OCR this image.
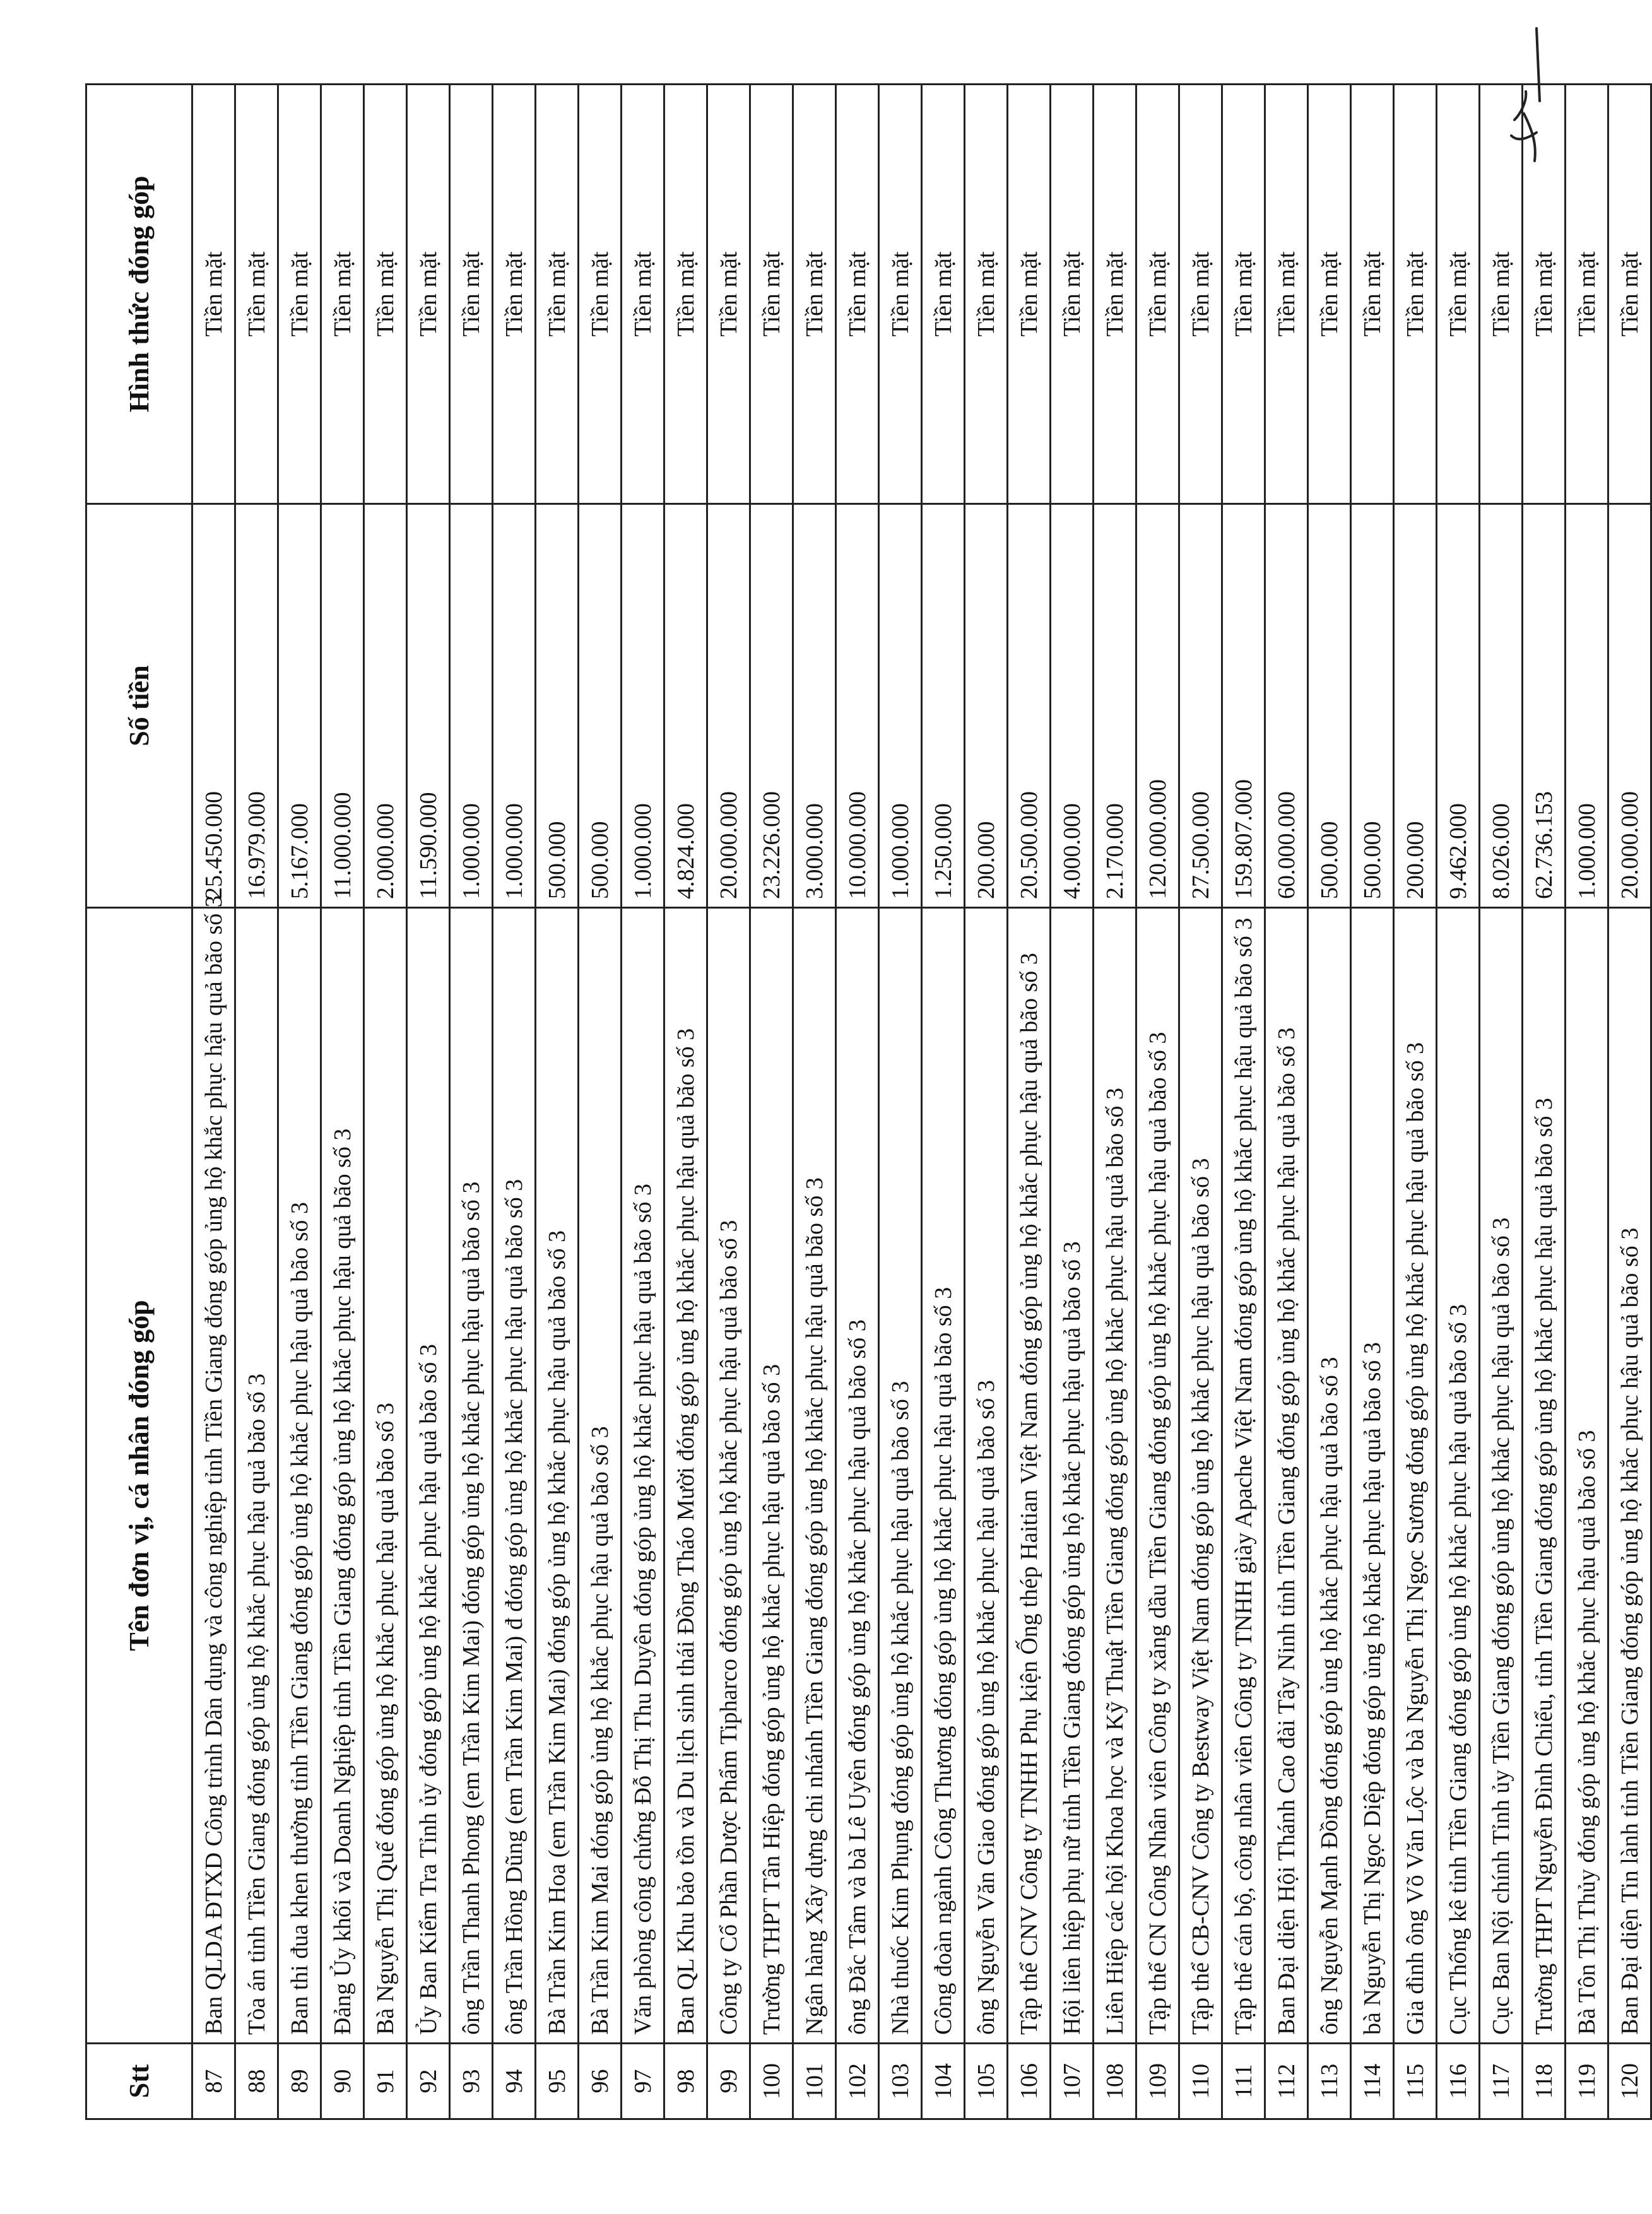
Stt	Tên đơn vị, cá nhân đóng góp	Số tiền	Hình thức đóng góp
87	Ban QLDA ĐTXD Công trình Dân dụng và công nghiệp tỉnh Tiền Giang đóng góp ủng hộ khắc phục hậu quả bão số 3	25.450.000	Tiền mặt
88	Tòa án tỉnh Tiền Giang đóng góp ủng hộ khắc phục hậu quả bão số 3	16.979.000	Tiền mặt
89	Ban thi đua khen thưởng tỉnh Tiền Giang đóng góp ủng hộ khắc phục hậu quả bão số 3	5.167.000	Tiền mặt
90	Đảng Ủy khối và Doanh Nghiệp tỉnh Tiền Giang đóng góp ủng hộ khắc phục hậu quả bão số 3	11.000.000	Tiền mặt
91	Bà Nguyễn Thị Quế đóng góp ủng hộ khắc phục hậu quả bão số 3	2.000.000	Tiền mặt
92	Ủy Ban Kiểm Tra Tỉnh ủy đóng góp ủng hộ khắc phục hậu quả bão số 3	11.590.000	Tiền mặt
93	ông Trần Thanh Phong (em Trần Kim Mai) đóng góp ủng hộ khắc phục hậu quả bão số 3	1.000.000	Tiền mặt
94	ông Trần Hồng Dũng (em Trần Kim Mai) đ đóng góp ủng hộ khắc phục hậu quả bão số 3	1.000.000	Tiền mặt
95	Bà Trần Kim Hoa (em Trần Kim Mai) đóng góp ủng hộ khắc phục hậu quả bão số 3	500.000	Tiền mặt
96	Bà Trần Kim Mai đóng góp ủng hộ khắc phục hậu quả bão số 3	500.000	Tiền mặt
97	Văn phòng công chứng Đỗ Thị Thu Duyên đóng góp ủng hộ khắc phục hậu quả bão số 3	1.000.000	Tiền mặt
98	Ban QL Khu bảo tồn và Du lịch sinh thái Đồng Tháo Mười đóng góp ủng hộ khắc phục hậu quả bão số 3	4.824.000	Tiền mặt
99	Công ty Cổ Phần Dược Phẩm Tipharco đóng góp ủng hộ khắc phục hậu quả bão số 3	20.000.000	Tiền mặt
100	Trường THPT Tân Hiệp đóng góp ủng hộ khắc phục hậu quả bão số 3	23.226.000	Tiền mặt
101	Ngân hàng Xây dựng chi nhánh Tiền Giang đóng góp ủng hộ khắc phục hậu quả bão số 3	3.000.000	Tiền mặt
102	ông Đắc Tâm và bà Lê Uyên đóng góp ủng hộ khắc phục hậu quả bão số 3	10.000.000	Tiền mặt
103	Nhà thuốc Kim Phụng đóng góp ủng hộ khắc phục hậu quả bão số 3	1.000.000	Tiền mặt
104	Công đoàn ngành Công Thương đóng góp ủng hộ khắc phục hậu quả bão số 3	1.250.000	Tiền mặt
105	ông Nguyễn Văn Giao đóng góp ủng hộ khắc phục hậu quả bão số 3	200.000	Tiền mặt
106	Tập thể CNV Công ty TNHH Phụ kiện Ống thép Haitian Việt Nam đóng góp ủng hộ khắc phục hậu quả bão số 3	20.500.000	Tiền mặt
107	Hội liên hiệp phụ nữ tỉnh Tiền Giang đóng góp ủng hộ khắc phục hậu quả bão số 3	4.000.000	Tiền mặt
108	Liên Hiệp các hội Khoa học và Kỹ Thuật Tiền Giang đóng góp ủng hộ khắc phục hậu quả bão số 3	2.170.000	Tiền mặt
109	Tập thể CN Công Nhân viên Công ty xăng dầu Tiền Giang đóng góp ủng hộ khắc phục hậu quả bão số 3	120.000.000	Tiền mặt
110	Tập thể CB-CNV Công ty Bestway Việt Nam đóng góp ủng hộ khắc phục hậu quả bão số 3	27.500.000	Tiền mặt
111	Tập thể cán bộ, công nhân viên Công ty TNHH giày Apache Việt Nam đóng góp ủng hộ khắc phục hậu quả bão số 3	159.807.000	Tiền mặt
112	Ban Đại diện Hội Thánh Cao đài Tây Ninh tỉnh Tiền Giang đóng góp ủng hộ khắc phục hậu quả bão số 3	60.000.000	Tiền mặt
113	ông Nguyễn Mạnh Đồng đóng góp ủng hộ khắc phục hậu quả bão số 3	500.000	Tiền mặt
114	bà Nguyễn Thị Ngọc Diệp đóng góp ủng hộ khắc phục hậu quả bão số 3	500.000	Tiền mặt
115	Gia đình ông Võ Văn Lộc và bà Nguyễn Thị Ngọc Sương đóng góp ủng hộ khắc phục hậu quả bão số 3	200.000	Tiền mặt
116	Cục Thống kê tỉnh Tiền Giang đóng góp ủng hộ khắc phục hậu quả bão số 3	9.462.000	Tiền mặt
117	Cục Ban Nội chính Tỉnh ủy Tiền Giang đóng góp ủng hộ khắc phục hậu quả bão số 3	8.026.000	Tiền mặt
118	Trường THPT Nguyễn Đình Chiểu, tỉnh Tiền Giang đóng góp ủng hộ khắc phục hậu quả bão số 3	62.736.153	Tiền mặt
119	Bà Tôn Thị Thủy đóng góp ủng hộ khắc phục hậu quả bão số 3	1.000.000	Tiền mặt
120	Ban Đại diện Tin lành tỉnh Tiền Giang đóng góp ủng hộ khắc phục hậu quả bão số 3	20.000.000	Tiền mặt
